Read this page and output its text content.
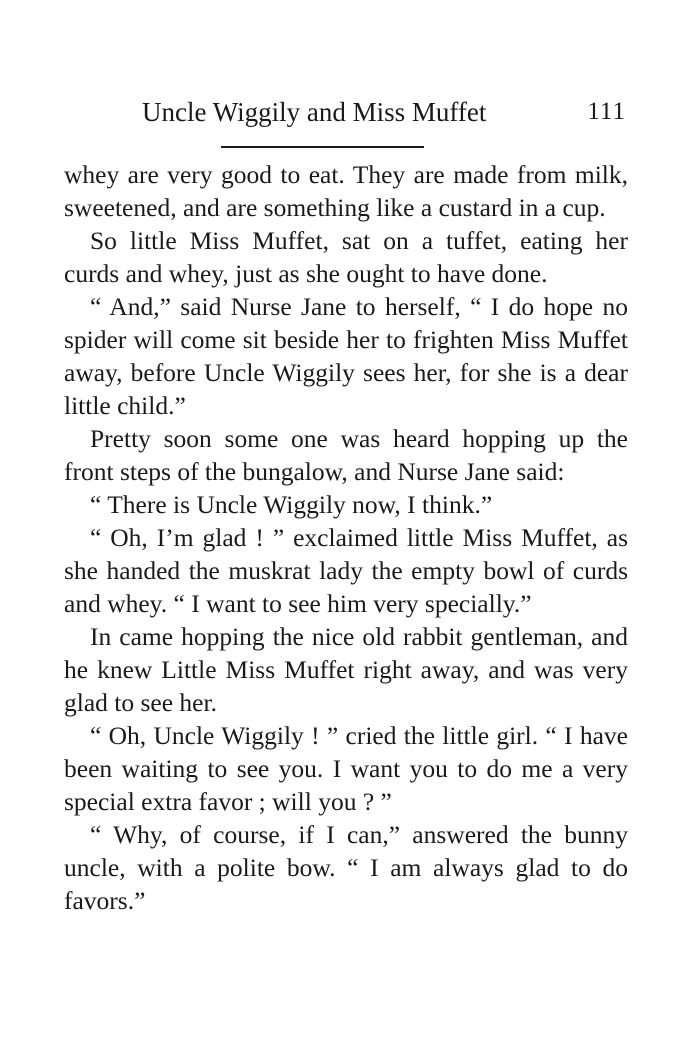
Uncle Wiggily and Miss Muffet	111

whey are very good to eat. They are made from milk, sweetened, and are something like a custard in a cup.

So little Miss Muffet, sat on a tuffet, eating her curds and whey, just as she ought to have done.

“ And,” said Nurse Jane to herself, “ I do hope no spider will come sit beside her to frighten Miss Muffet away, before Uncle Wiggily sees her, for she is a dear little child.”

Pretty soon some one was heard hopping up the front steps of the bungalow, and Nurse Jane said:

“ There is Uncle Wiggily now, I think.”

“ Oh, I’m glad ! ” exclaimed little Miss Muffet, as she handed the muskrat lady the empty bowl of curds and whey. “ I want to see him very specially.”

In came hopping the nice old rabbit gentleman, and he knew Little Miss Muffet right away, and was very glad to see her.

“ Oh, Uncle Wiggily ! ” cried the little girl. “ I have been waiting to see you. I want you to do me a very special extra favor ; will you ? ”

“ Why, of course, if I can,” answered the bunny uncle, with a polite bow. “ I am always glad to do favors.”
